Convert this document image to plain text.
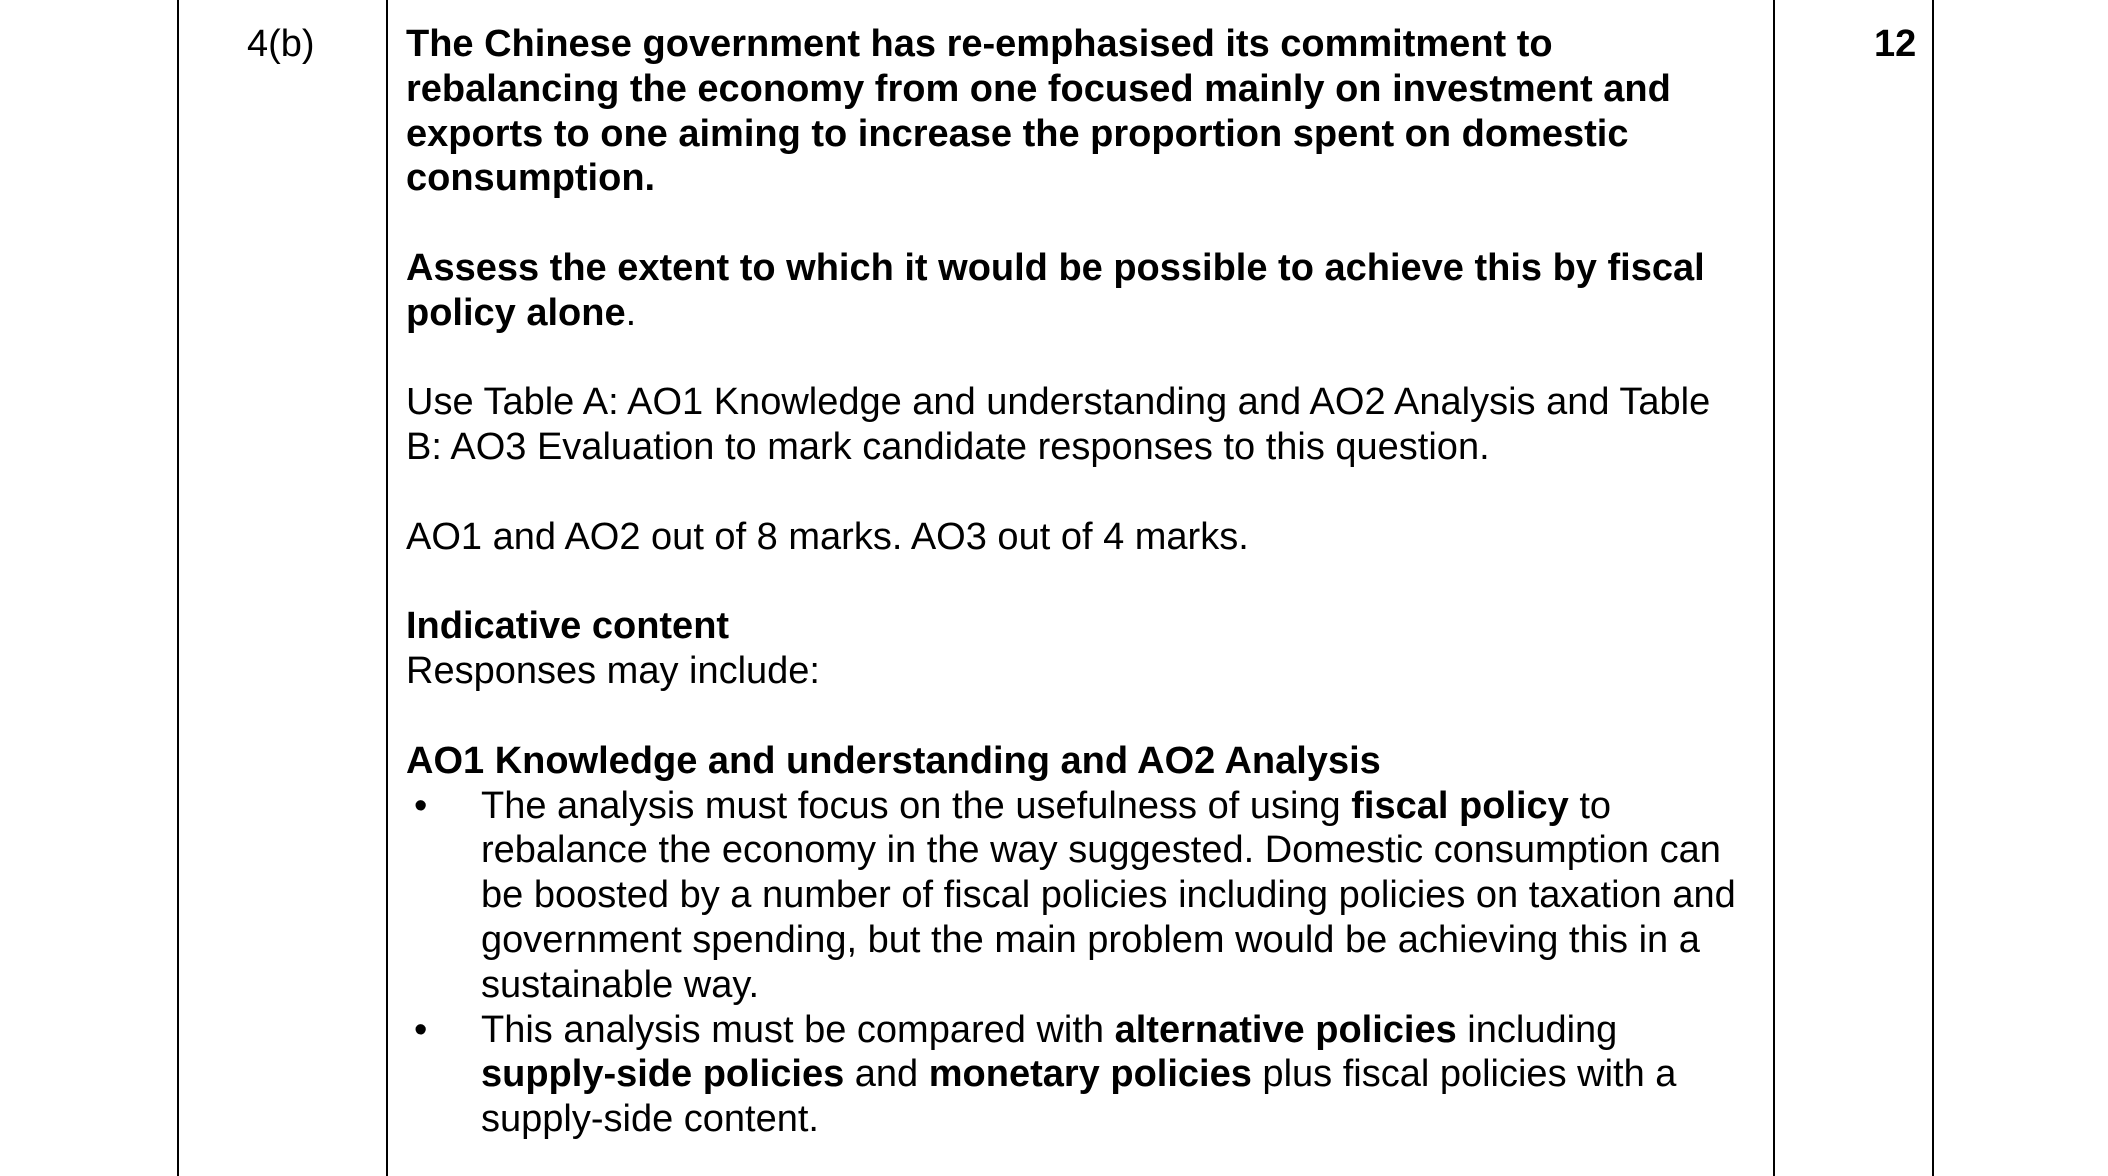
4(b)	12

The Chinese government has re-emphasised its commitment to rebalancing the economy from one focused mainly on investment and exports to one aiming to increase the proportion spent on domestic consumption.

Assess the extent to which it would be possible to achieve this by fiscal policy alone.

Use Table A: AO1 Knowledge and understanding and AO2 Analysis and Table B: AO3 Evaluation to mark candidate responses to this question.

AO1 and AO2 out of 8 marks. AO3 out of 4 marks.

Indicative content

Responses may include:

AO1 Knowledge and understanding and AO2 Analysis

• The analysis must focus on the usefulness of using fiscal policy to rebalance the economy in the way suggested. Domestic consumption can be boosted by a number of fiscal policies including policies on taxation and government spending, but the main problem would be achieving this in a sustainable way.
• This analysis must be compared with alternative policies including supply-side policies and monetary policies plus fiscal policies with a supply-side content.
